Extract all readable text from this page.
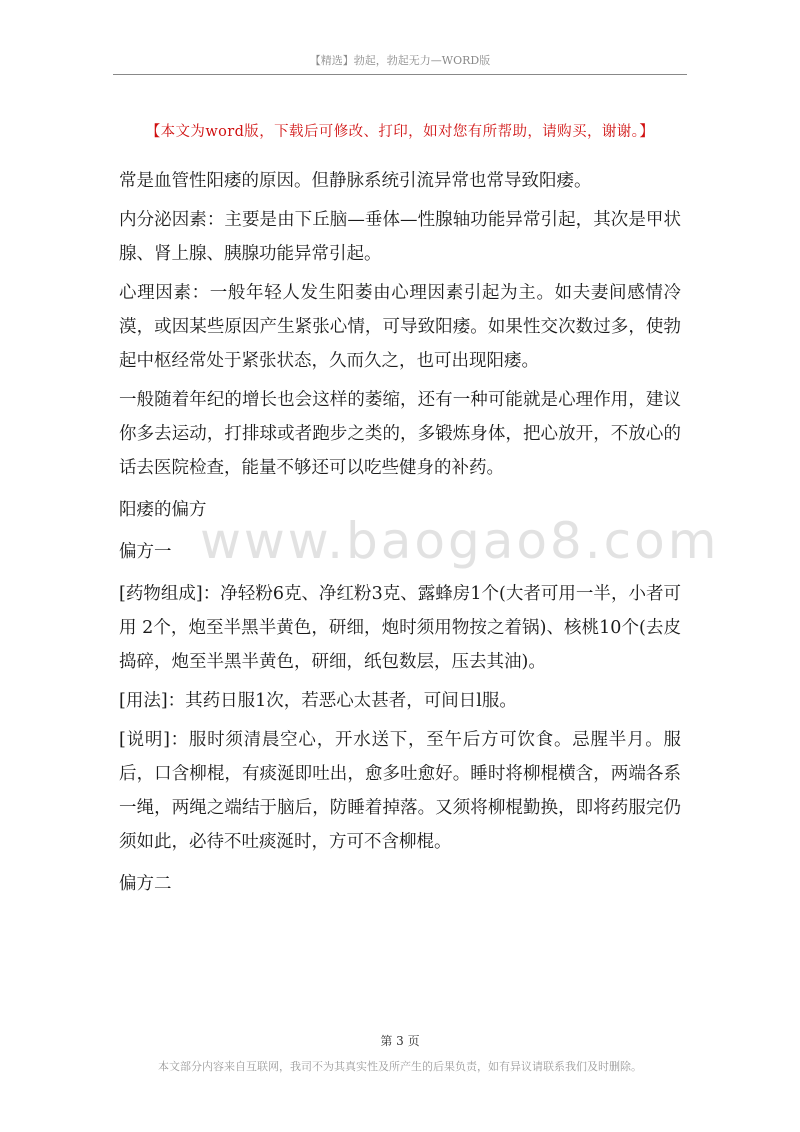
【精选】勃起，勃起无力—WORD版
【本文为word版，下载后可修改、打印，如对您有所帮助，请购买，谢谢。】
www.baogao8.com

常是血管性阳痿的原因。但静脉系统引流异常也常导致阳痿。

内分泌因素：主要是由下丘脑—垂体—性腺轴功能异常引起，其次是甲状腺、肾上腺、胰腺功能异常引起。

心理因素：一般年轻人发生阳萎由心理因素引起为主。如夫妻间感情冷漠，或因某些原因产生紧张心情，可导致阳痿。如果性交次数过多，使勃起中枢经常处于紧张状态，久而久之，也可出现阳痿。

一般随着年纪的增长也会这样的萎缩，还有一种可能就是心理作用，建议你多去运动，打排球或者跑步之类的，多锻炼身体，把心放开，不放心的话去医院检查，能量不够还可以吃些健身的补药。

阳痿的偏方

偏方一

[药物组成]：净轻粉6克、净红粉3克、露蜂房1个(大者可用一半，小者可用 2个，炮至半黑半黄色，研细，炮时须用物按之着锅)、核桃10个(去皮捣碎，炮至半黑半黄色，研细，纸包数层，压去其油)。

[用法]：其药日服1次，若恶心太甚者，可间日l服。

[说明]：服时须清晨空心，开水送下，至午后方可饮食。忌腥半月。服后，口含柳棍，有痰涎即吐出，愈多吐愈好。睡时将柳棍横含，两端各系一绳，两绳之端结于脑后，防睡着掉落。又须将柳棍勤换，即将药服完仍须如此，必待不吐痰涎时，方可不含柳棍。

偏方二

第 3 页
本文部分内容来自互联网，我司不为其真实性及所产生的后果负责，如有异议请联系我们及时删除。
